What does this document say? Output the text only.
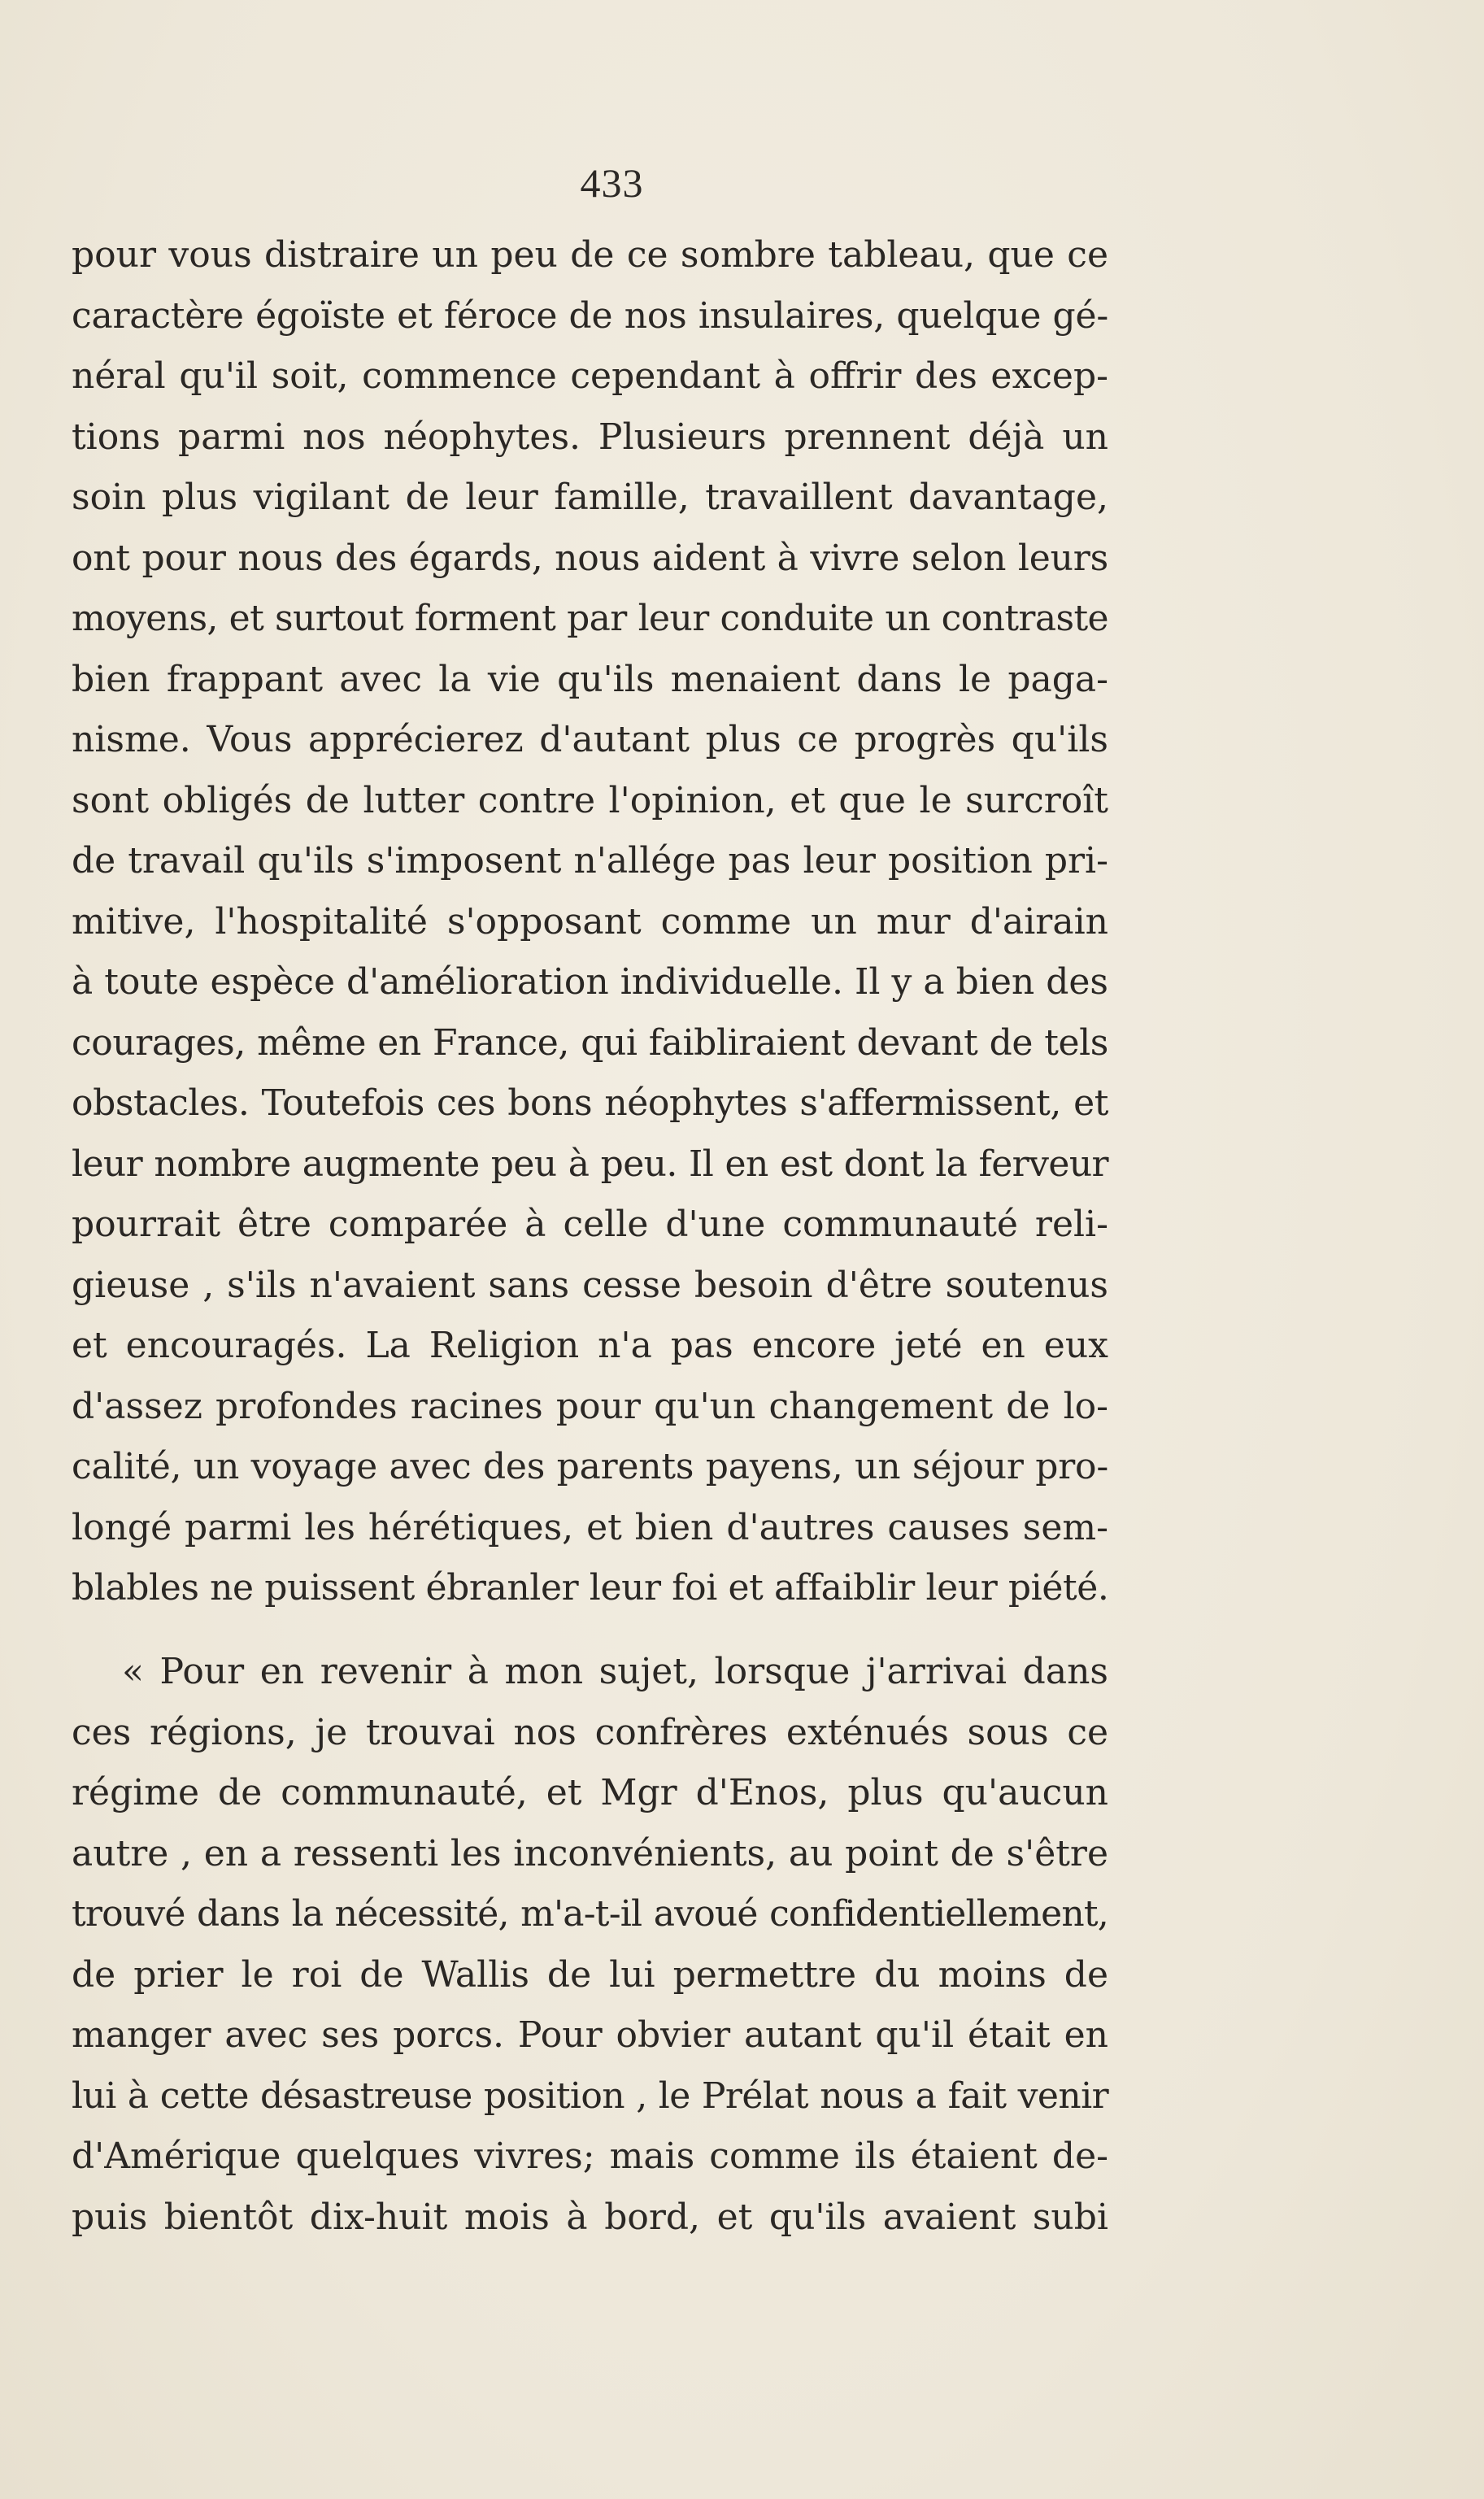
433
pour vous distraire un peu de ce sombre tableau, que ce
caractère égoïste et féroce de nos insulaires, quelque gé-
néral qu'il soit, commence cependant à offrir des excep-
tions parmi nos néophytes. Plusieurs prennent déjà un
soin plus vigilant de leur famille, travaillent davantage,
ont pour nous des égards, nous aident à vivre selon leurs
moyens, et surtout forment par leur conduite un contraste
bien frappant avec la vie qu'ils menaient dans le paga-
nisme. Vous apprécierez d'autant plus ce progrès qu'ils
sont obligés de lutter contre l'opinion, et que le surcroît
de travail qu'ils s'imposent n'allége pas leur position pri-
mitive, l'hospitalité s'opposant comme un mur d'airain
à toute espèce d'amélioration individuelle. Il y a bien des
courages, même en France, qui faibliraient devant de tels
obstacles. Toutefois ces bons néophytes s'affermissent, et
leur nombre augmente peu à peu. Il en est dont la ferveur
pourrait être comparée à celle d'une communauté reli-
gieuse , s'ils n'avaient sans cesse besoin d'être soutenus
et encouragés. La Religion n'a pas encore jeté en eux
d'assez profondes racines pour qu'un changement de lo-
calité, un voyage avec des parents payens, un séjour pro-
longé parmi les hérétiques, et bien d'autres causes sem-
blables ne puissent ébranler leur foi et affaiblir leur piété.
« Pour en revenir à mon sujet, lorsque j'arrivai dans
ces régions, je trouvai nos confrères exténués sous ce
régime de communauté, et Mgr d'Enos, plus qu'aucun
autre , en a ressenti les inconvénients, au point de s'être
trouvé dans la nécessité, m'a-t-il avoué confidentiellement,
de prier le roi de Wallis de lui permettre du moins de
manger avec ses porcs. Pour obvier autant qu'il était en
lui à cette désastreuse position , le Prélat nous a fait venir
d'Amérique quelques vivres; mais comme ils étaient de-
puis bientôt dix-huit mois à bord, et qu'ils avaient subi
